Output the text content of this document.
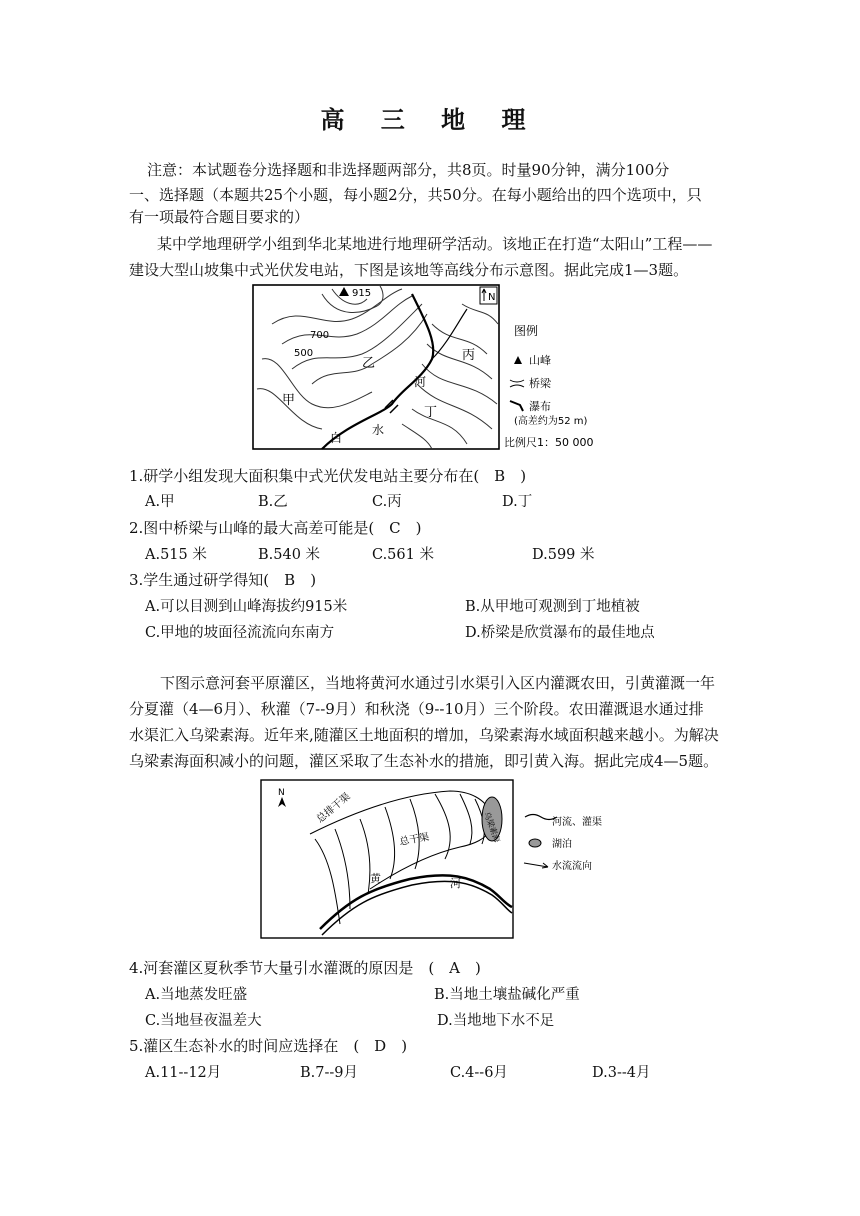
高 三 地 理
注意：本试题卷分选择题和非选择题两部分，共8页。时量90分钟，满分100分
一、选择题（本题共25个小题，每小题2分，共50分。在每小题给出的四个选项中，只
有一项最符合题目要求的）
某中学地理研学小组到华北某地进行地理研学活动。该地正在打造“太阳山”工程——
建设大型山坡集中式光伏发电站，下图是该地等高线分布示意图。据此完成1—3题。
915
700
500
乙
丙
甲
丁
河
水
白
N
图例
山峰
桥梁
瀑布
(高差约为52 m)
比例尺1：50 000
1.研学小组发现大面积集中式光伏发电站主要分布在(　B　)
A.甲	B.乙	C.丙	D.丁
2.图中桥梁与山峰的最大高差可能是(　C　)
A.515 米	B.540 米	C.561 米	D.599 米
3.学生通过研学得知(　B　)
A.可以目测到山峰海拔约915米	B.从甲地可观测到丁地植被
C.甲地的坡面径流流向东南方	D.桥梁是欣赏瀑布的最佳地点
下图示意河套平原灌区，当地将黄河水通过引水渠引入区内灌溉农田，引黄灌溉一年
分夏灌（4—6月）、秋灌（7--9月）和秋浇（9--10月）三个阶段。农田灌溉退水通过排
水渠汇入乌梁素海。近年来,随灌区土地面积的增加，乌梁素海水域面积越来越小。为解决
乌梁素海面积减小的问题，灌区采取了生态补水的措施，即引黄入海。据此完成4—5题。
N	总排干渠
总干渠	乌梁素海
黄	河
河流、灌渠
湖泊
水流流向
4.河套灌区夏秋季节大量引水灌溉的原因是　(　A　)
A.当地蒸发旺盛	B.当地土壤盐碱化严重
C.当地昼夜温差大	D.当地地下水不足
5.灌区生态补水的时间应选择在　(　D　)
A.11--12月	B.7--9月	C.4--6月	D.3--4月
